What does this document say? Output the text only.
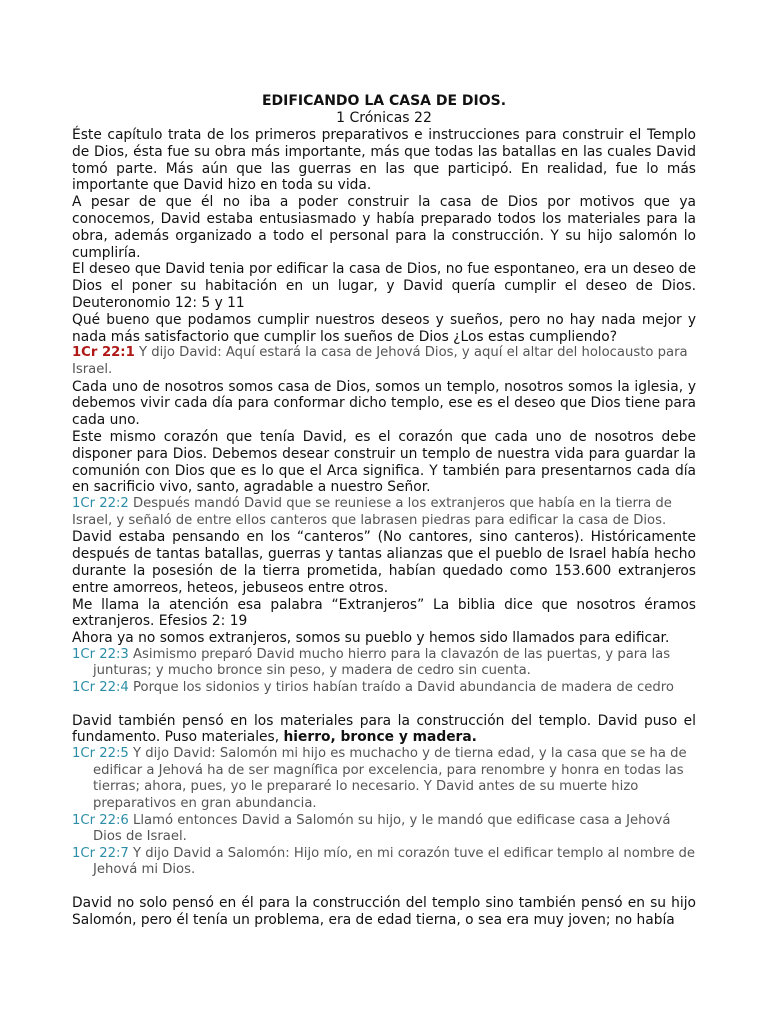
EDIFICANDO LA CASA DE DIOS.
1 Crónicas 22

Éste capítulo trata de los primeros preparativos e instrucciones para construir el Templo de Dios, ésta fue su obra más importante, más que todas las batallas en las cuales David tomó parte. Más aún que las guerras en las que participó. En realidad, fue lo más importante que David hizo en toda su vida.

A pesar de que él no iba a poder construir la casa de Dios por motivos que ya conocemos, David estaba entusiasmado y había preparado todos los materiales para la obra, además organizado a todo el personal para la construcción. Y su hijo salomón lo cumpliría.

El deseo que David tenia por edificar la casa de Dios, no fue espontaneo, era un deseo de Dios el poner su habitación en un lugar, y David quería cumplir el deseo de Dios. Deuteronomio 12: 5 y 11

Qué bueno que podamos cumplir nuestros deseos y sueños, pero no hay nada mejor y nada más satisfactorio que cumplir los sueños de Dios ¿Los estas cumpliendo?

1Cr 22:1 Y dijo David: Aquí estará la casa de Jehová Dios, y aquí el altar del holocausto para Israel.

Cada uno de nosotros somos casa de Dios, somos un templo, nosotros somos la iglesia, y debemos vivir cada día para conformar dicho templo, ese es el deseo que Dios tiene para cada uno.

Este mismo corazón que tenía David, es el corazón que cada uno de nosotros debe disponer para Dios. Debemos desear construir un templo de nuestra vida para guardar la comunión con Dios que es lo que el Arca significa. Y también para presentarnos cada día en sacrificio vivo, santo, agradable a nuestro Señor.

1Cr 22:2 Después mandó David que se reuniese a los extranjeros que había en la tierra de Israel, y señaló de entre ellos canteros que labrasen piedras para edificar la casa de Dios.

David estaba pensando en los “canteros” (No cantores, sino canteros). Históricamente después de tantas batallas, guerras y tantas alianzas que el pueblo de Israel había hecho durante la posesión de la tierra prometida, habían quedado como 153.600 extranjeros entre amorreos, heteos, jebuseos entre otros.

Me llama la atención esa palabra “Extranjeros” La biblia dice que nosotros éramos extranjeros. Efesios 2: 19

Ahora ya no somos extranjeros, somos su pueblo y hemos sido llamados para edificar.

1Cr 22:3 Asimismo preparó David mucho hierro para la clavazón de las puertas, y para las junturas; y mucho bronce sin peso, y madera de cedro sin cuenta.

1Cr 22:4 Porque los sidonios y tirios habían traído a David abundancia de madera de cedro

David también pensó en los materiales para la construcción del templo. David puso el fundamento. Puso materiales, hierro, bronce y madera.

1Cr 22:5 Y dijo David: Salomón mi hijo es muchacho y de tierna edad, y la casa que se ha de edificar a Jehová ha de ser magnífica por excelencia, para renombre y honra en todas las tierras; ahora, pues, yo le prepararé lo necesario. Y David antes de su muerte hizo preparativos en gran abundancia.

1Cr 22:6 Llamó entonces David a Salomón su hijo, y le mandó que edificase casa a Jehová Dios de Israel.

1Cr 22:7 Y dijo David a Salomón: Hijo mío, en mi corazón tuve el edificar templo al nombre de Jehová mi Dios.

David no solo pensó en él para la construcción del templo sino también pensó en su hijo Salomón, pero él tenía un problema, era de edad tierna, o sea era muy joven; no había
